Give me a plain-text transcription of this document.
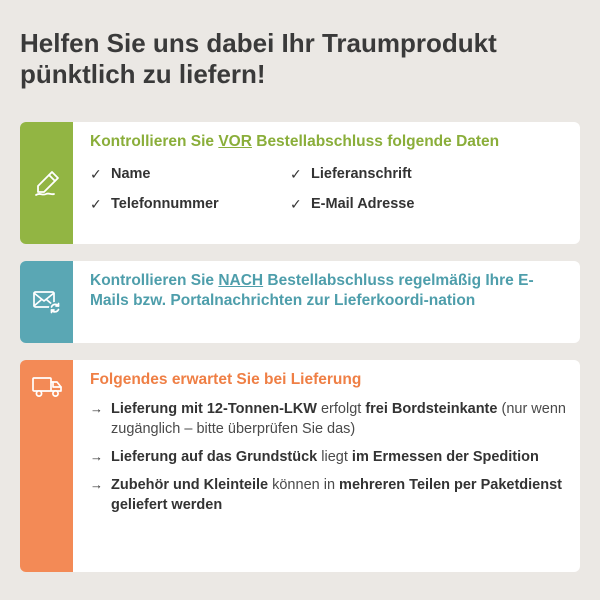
Helfen Sie uns dabei Ihr Traumprodukt
pünktlich zu liefern!

Kontrollieren Sie VOR Bestellabschluss folgende Daten

✓ Name	✓ Lieferanschrift
✓ Telefonnummer	✓ E-Mail Adresse

Kontrollieren Sie NACH Bestellabschluss regelmäßig Ihre E-Mails bzw. Portalnachrichten zur Lieferkoordi-nation

Folgendes erwartet Sie bei Lieferung

→ Lieferung mit 12-Tonnen-LKW erfolgt frei Bordsteinkante (nur wenn zugänglich – bitte überprüfen Sie das)
→ Lieferung auf das Grundstück liegt im Ermessen der Spedition
→ Zubehör und Kleinteile können in mehreren Teilen per Paketdienst geliefert werden
